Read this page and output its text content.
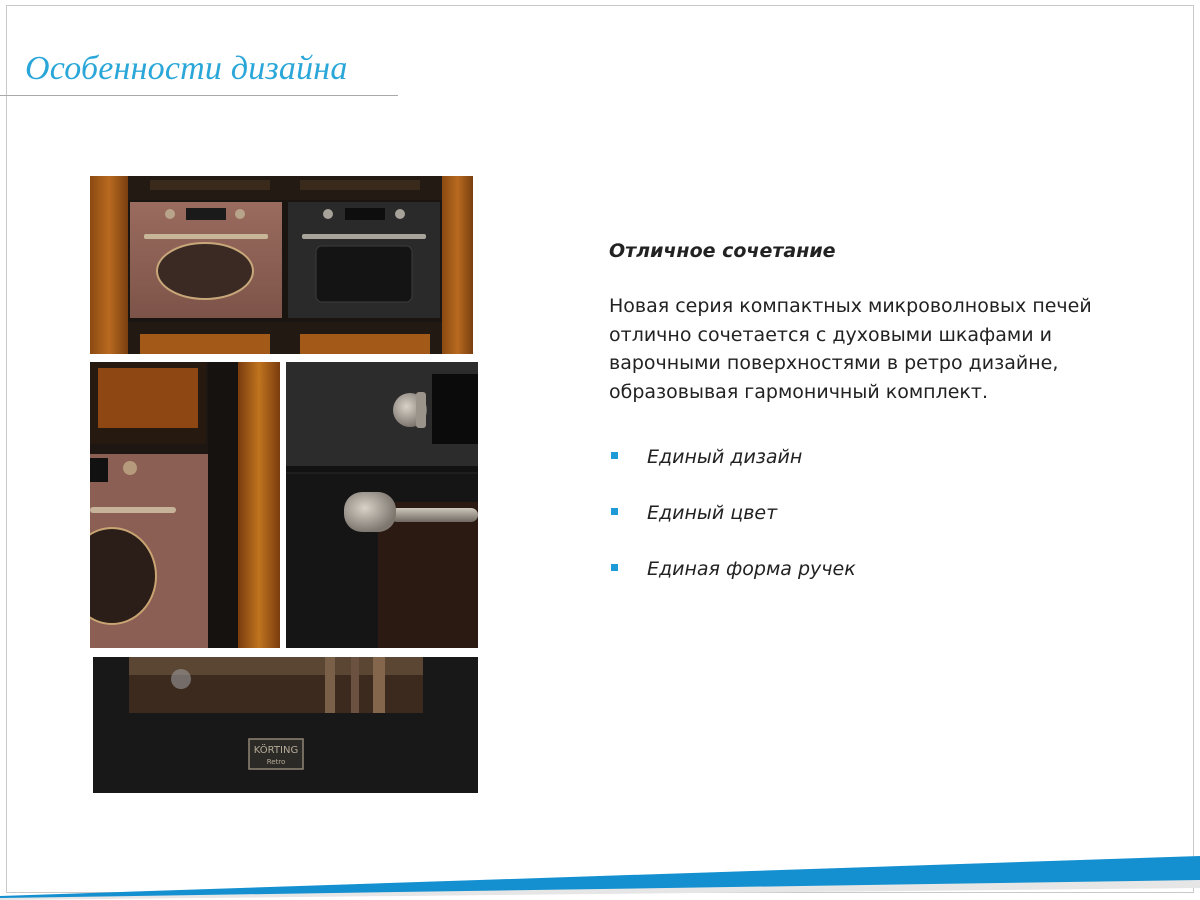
Особенности дизайна
KÖRTING
Retro

Отличное сочетание

Новая серия компактных микроволновых печей отлично сочетается с духовыми шкафами и варочными поверхностями в ретро дизайне, образовывая гармоничный комплект.

Единый дизайн
Единый цвет
Единая форма ручек
